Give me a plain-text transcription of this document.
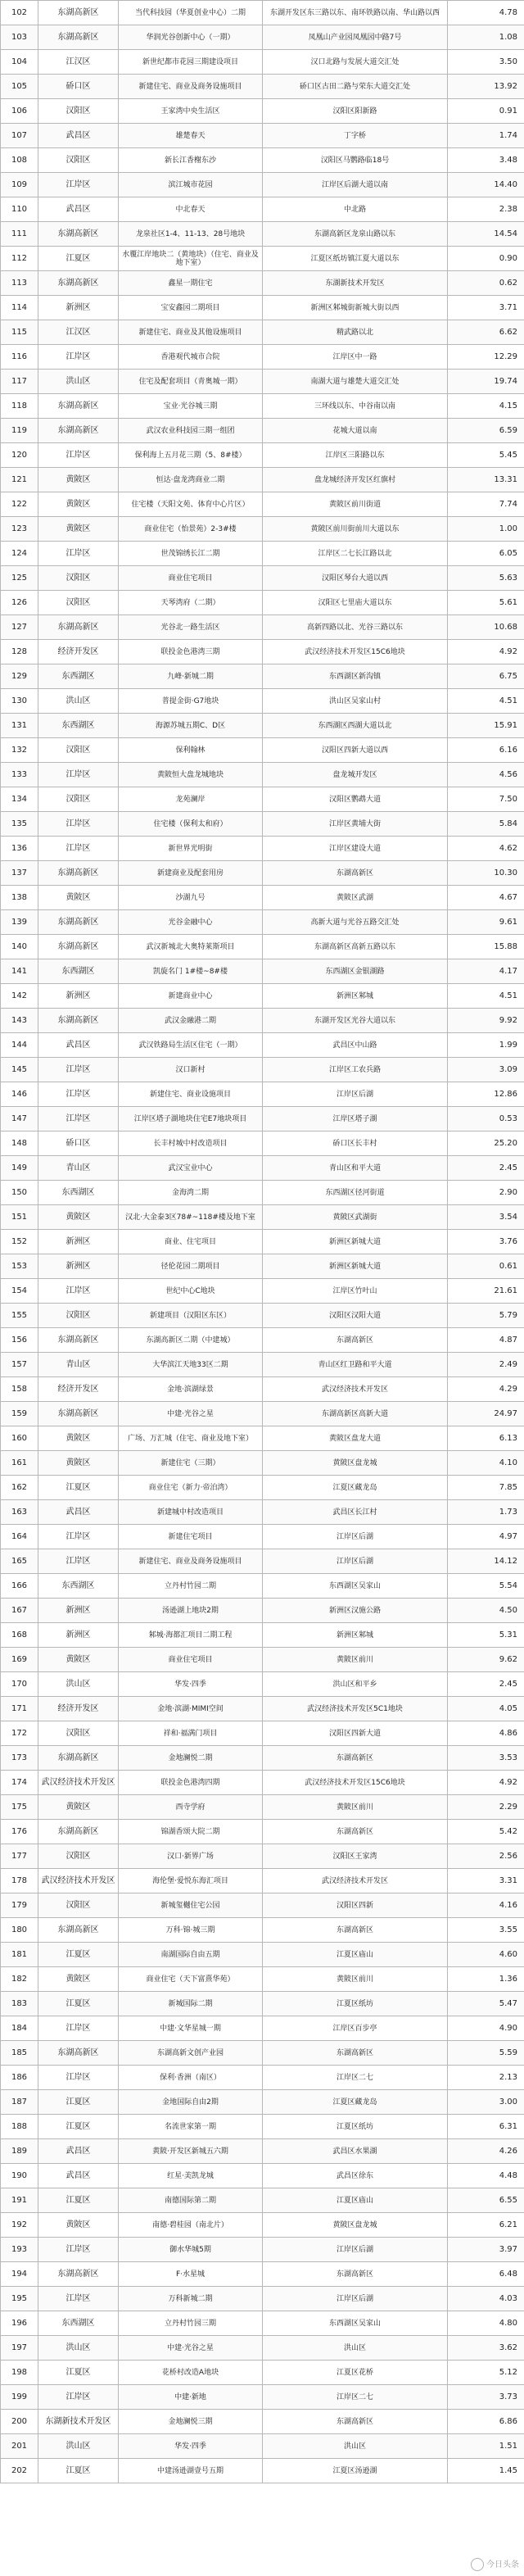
102	东湖高新区	当代科技园（华夏创业中心）二期	东湖开发区东三路以东、南环铁路以南、华山路以西	4.78
103	东湖高新区	华润光谷创新中心（一期）	凤凰山产业园凤凰园中路7号	1.08
104	江汉区	新世纪都市花园三期建设项目	汉口北路与发展大道交汇处	3.50
105	硚口区	新建住宅、商业及商务设施项目	硚口区古田二路与荣东大道交汇处	13.92
106	汉阳区	王家湾中央生活区	汉阳区阳新路	0.91
107	武昌区	雄楚春天	丁字桥	1.74
108	汉阳区	新长江香榭东沙	汉阳区马鹦路临18号	3.48
109	江岸区	滨江城市花园	江岸区后湖大道以南	14.40
110	武昌区	中北春天	中北路	2.38
111	东湖高新区	龙泉社区1-4、11-13、28号地块	东湖高新区龙泉山路以东	14.54
112	江夏区	水覆江岸地块二（黄地块）（住宅、商业及地下室）	江夏区纸坊镇江夏大道以东	0.90
113	东湖高新区	鑫星一期住宅	东湖新技术开发区	0.62
114	新洲区	宝安鑫园二期项目	新洲区邾城街新城大街以西	3.71
115	江汉区	新建住宅、商业及其他设施项目	精武路以北	6.62
116	江岸区	香港观代城市合院	江岸区中一路	12.29
117	洪山区	住宅及配套项目（青奥城一期）	南湖大道与雄楚大道交汇处	19.74
118	东湖高新区	宝业·光谷城三期	三环线以东、中谷南以南	4.15
119	东湖高新区	武汉农业科技园三期一组团	花城大道以南	6.59
120	江岸区	保利海上五月花三期（5、8#楼）	江岸区三阳路以东	5.45
121	黄陂区	恒达·盘龙湾商业二期	盘龙城经济开发区红旗村	13.31
122	黄陂区	住宅楼（天阳文苑、体育中心片区）	黄陂区前川街道	7.74
123	黄陂区	商业住宅（怡景苑）2-3#楼	黄陂区前川街前川大道以东	1.00
124	江岸区	世茂锦绣长江二期	江岸区二七长江路以北	6.05
125	汉阳区	商业住宅项目	汉阳区琴台大道以西	5.63
126	汉阳区	天琴湾府（二期）	汉阳区七里庙大道以东	5.61
127	东湖高新区	光谷北一路生活区	高新四路以北、光谷三路以东	10.68
128	经济开发区	联投金色港湾三期	武汉经济技术开发区15C6地块	4.92
129	东西湖区	九峰·新城二期	东西湖区新沟镇	6.75
130	洪山区	普提金街·G7地块	洪山区吴家山村	4.51
131	东西湖区	海源苏城五期C、D区	东西湖区西湖大道以北	15.91
132	汉阳区	保利翰林	汉阳区四新大道以西	6.16
133	江岸区	黄陂恒大盘龙城地块	盘龙城开发区	4.56
134	汉阳区	龙苑澜岸	汉阳区鹦鹉大道	7.50
135	江岸区	住宅楼（保利太和府）	江岸区黄埔大街	5.84
136	江岸区	新世界光明街	江岸区建设大道	4.62
137	东湖高新区	新建商业及配套用房	东湖高新区	10.30
138	黄陂区	沙湖九号	黄陂区武湖	4.67
139	东湖高新区	光谷金融中心	高新大道与光谷五路交汇处	9.61
140	东湖高新区	武汉新城北大奥特莱斯项目	东湖高新区高新五路以东	15.88
141	东西湖区	凯旋名门 1#楼~8#楼	东西湖区金银湖路	4.17
142	新洲区	新建商业中心	新洲区邾城	4.51
143	东湖高新区	武汉金融港二期	东湖开发区光谷大道以东	9.92
144	武昌区	武汉铁路局生活区住宅（一期）	武昌区中山路	1.99
145	江岸区	汉口新村	江岸区工农兵路	3.09
146	江岸区	新建住宅、商业设施项目	江岸区后湖	12.86
147	江岸区	江岸区塔子湖地块住宅E7地块项目	江岸区塔子湖	0.53
148	硚口区	长丰村城中村改造项目	硚口区长丰村	25.20
149	青山区	武汉宝业中心	青山区和平大道	2.45
150	东西湖区	金海湾二期	东西湖区径河街道	2.90
151	黄陂区	汉北·大金泰3区78#~118#楼及地下室	黄陂区武湖街	3.54
152	新洲区	商业、住宅项目	新洲区新城大道	3.76
153	新洲区	径伦花园二期项目	新洲区新城大道	0.61
154	江岸区	世纪中心C地块	江岸区竹叶山	21.61
155	汉阳区	新建项目（汉阳区东区）	汉阳区汉阳大道	5.79
156	东湖高新区	东湖高新区二期（中建城）	东湖高新区	4.87
157	青山区	大华滨江天地33区二期	青山区红卫路和平大道	2.49
158	经济开发区	金地·滨湖绿景	武汉经济技术开发区	4.29
159	东湖高新区	中建·光谷之星	东湖高新区高新大道	24.97
160	黄陂区	广场、万汇城（住宅、商业及地下室）	黄陂区盘龙大道	6.13
161	黄陂区	新建住宅（三期）	黄陂区盘龙城	4.10
162	江夏区	商业住宅（新力·帝泊湾）	江夏区藏龙岛	7.85
163	武昌区	新建城中村改造项目	武昌区长江村	1.73
164	江岸区	新建住宅项目	江岸区后湖	4.97
165	江岸区	新建住宅、商业及商务设施项目	江岸区后湖	14.12
166	东西湖区	立丹村竹园二期	东西湖区吴家山	5.54
167	新洲区	汤逊湖上地块2期	新洲区汉施公路	4.50
168	新洲区	邾城·海都汇项目二期工程	新洲区邾城	5.31
169	黄陂区	商业住宅项目	黄陂区前川	9.62
170	洪山区	华发·四季	洪山区和平乡	2.45
171	经济开发区	金地·滨湖·MIMI空间	武汉经济技术开发区5C1地块	4.05
172	汉阳区	祥和·福满门项目	汉阳区四新大道	4.86
173	东湖高新区	金地澜悦二期	东湖高新区	3.53
174	武汉经济技术开发区	联投金色港湾四期	武汉经济技术开发区15C6地块	4.92
175	黄陂区	西寺学府	黄陂区前川	2.29
176	东湖高新区	锦湖香颂大院二期	东湖高新区	5.42
177	汉阳区	汉口·新界广场	汉阳区王家湾	2.56
178	武汉经济技术开发区	海伦堡·爱悦东海汇项目	武汉经济技术开发区	3.31
179	汉阳区	新城玺樾住宅公园	汉阳区四新	4.16
180	东湖高新区	万科·锦·城三期	东湖高新区	3.55
181	江夏区	南湖国际自由五期	江夏区庙山	4.60
182	黄陂区	商业住宅（天下富熹华苑）	黄陂区前川	1.36
183	江夏区	新城国际二期	江夏区纸坊	5.47
184	江岸区	中建·文华星城一期	江岸区百步亭	4.90
185	东湖高新区	东湖高新文创产业园	东湖高新区	5.59
186	江岸区	保利·香洲（南区）	江岸区二七	2.13
187	江夏区	金地国际自由2期	江夏区藏龙岛	3.00
188	江夏区	名流世家第一期	江夏区纸坊	6.31
189	武昌区	黄陂·开发区新城五六期	武昌区水果湖	4.26
190	武昌区	红星·美凯龙城	武昌区徐东	4.48
191	江夏区	南德国际第二期	江夏区庙山	6.55
192	黄陂区	南德·碧桂园（南北片）	黄陂区盘龙城	6.21
193	江岸区	御水华城5期	江岸区后湖	3.97
194	东湖高新区	F·水星城	东湖高新区	6.48
195	江岸区	万科新城二期	江岸区后湖	4.03
196	东西湖区	立丹村竹园三期	东西湖区吴家山	4.80
197	洪山区	中建·光谷之星	洪山区	3.62
198	江夏区	花桥村改造A地块	江夏区花桥	5.12
199	江岸区	中建·新地	江岸区二七	3.73
200	东湖新技术开发区	金地澜悦三期	东湖高新区	6.86
201	洪山区	华发·四季	洪山区	1.51
202	江夏区	中建汤逊湖壹号五期	江夏区汤逊湖	1.45
今日头条
